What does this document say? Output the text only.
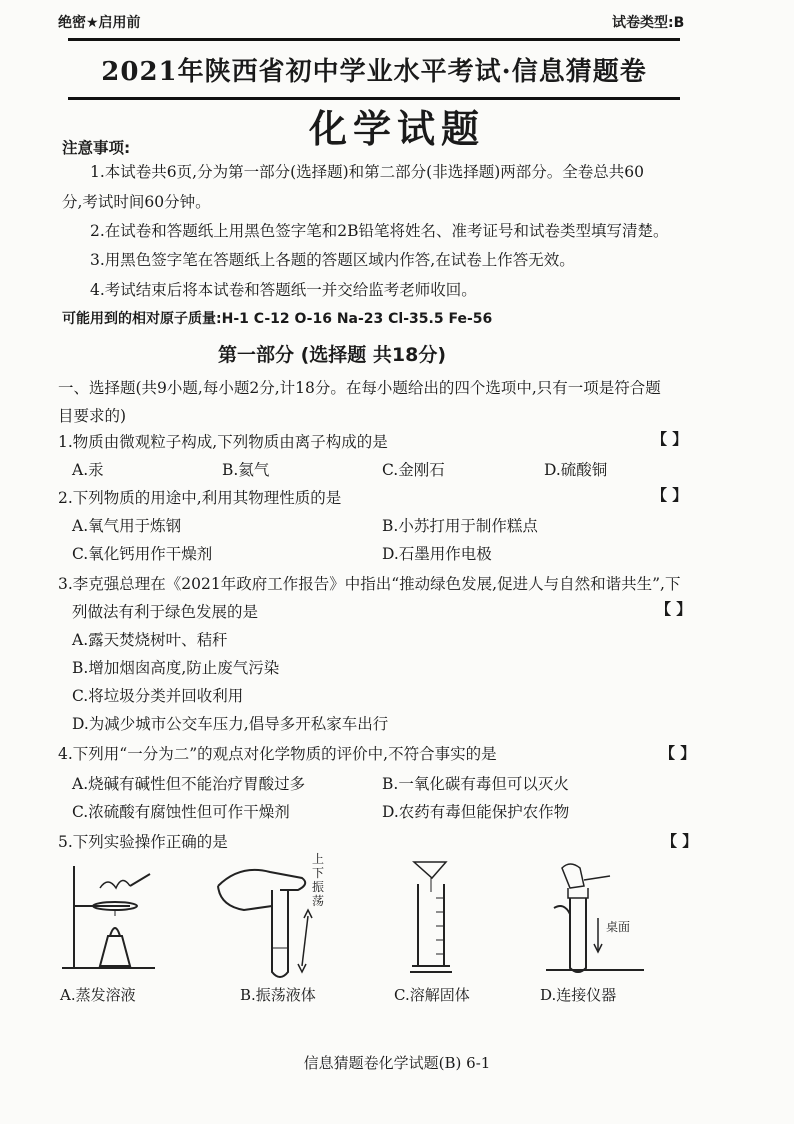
绝密★启用前	试卷类型:B
2021年陕西省初中学业水平考试·信息猜题卷
化学试题
注意事项:
1.本试卷共6页,分为第一部分(选择题)和第二部分(非选择题)两部分。全卷总共60
分,考试时间60分钟。
2.在试卷和答题纸上用黑色签字笔和2B铅笔将姓名、准考证号和试卷类型填写清楚。
3.用黑色签字笔在答题纸上各题的答题区域内作答,在试卷上作答无效。
4.考试结束后将本试卷和答题纸一并交给监考老师收回。
可能用到的相对原子质量:H-1 C-12 O-16 Na-23 Cl-35.5 Fe-56
第一部分 (选择题 共18分)
一、选择题(共9小题,每小题2分,计18分。在每小题给出的四个选项中,只有一项是符合题
目要求的)
1.物质由微观粒子构成,下列物质由离子构成的是	【 】
A.汞	B.氦气	C.金刚石	D.硫酸铜
2.下列物质的用途中,利用其物理性质的是	【 】
A.氧气用于炼钢	B.小苏打用于制作糕点
C.氧化钙用作干燥剂	D.石墨用作电极
3.李克强总理在《2021年政府工作报告》中指出“推动绿色发展,促进人与自然和谐共生”,下
列做法有利于绿色发展的是	【 】
A.露天焚烧树叶、秸秆
B.增加烟囱高度,防止废气污染
C.将垃圾分类并回收利用
D.为减少城市公交车压力,倡导多开私家车出行
4.下列用“一分为二”的观点对化学物质的评价中,不符合事实的是	【 】
A.烧碱有碱性但不能治疗胃酸过多	B.一氧化碳有毒但可以灭火
C.浓硫酸有腐蚀性但可作干燥剂	D.农药有毒但能保护农作物
5.下列实验操作正确的是	【 】
A.蒸发溶液
上下振荡
B.振荡液体	C.溶解固体
桌面
D.连接仪器
信息猜题卷化学试题(B) 6-1
